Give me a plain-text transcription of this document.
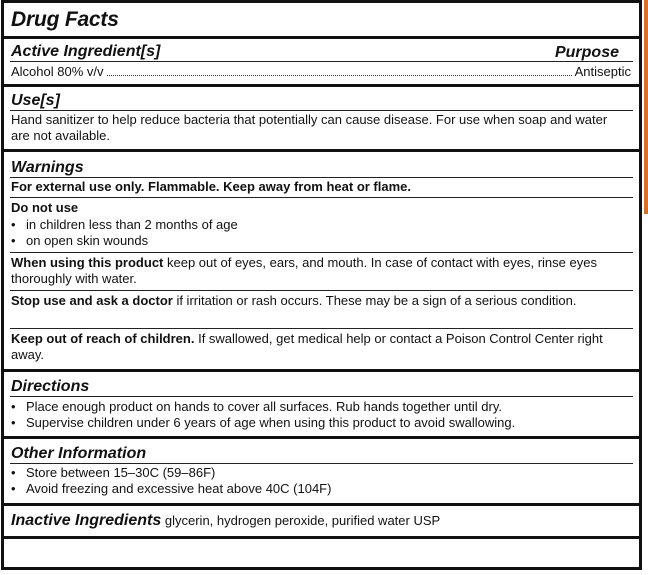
Drug Facts
Active Ingredient[s]	Purpose
Alcohol 80% v/v	Antiseptic
Use[s]
Hand sanitizer to help reduce bacteria that potentially can cause disease. For use when soap and water are not available.
Warnings
For external use only. Flammable. Keep away from heat or flame.
Do not use
• in children less than 2 months of age
• on open skin wounds
When using this product keep out of eyes, ears, and mouth. In case of contact with eyes, rinse eyes thoroughly with water.
Stop use and ask a doctor if irritation or rash occurs. These may be a sign of a serious condition.
Keep out of reach of children. If swallowed, get medical help or contact a Poison Control Center right away.
Directions
• Place enough product on hands to cover all surfaces. Rub hands together until dry.
• Supervise children under 6 years of age when using this product to avoid swallowing.
Other Information
• Store between 15–30C (59–86F)
• Avoid freezing and excessive heat above 40C (104F)
Inactive Ingredients glycerin, hydrogen peroxide, purified water USP
